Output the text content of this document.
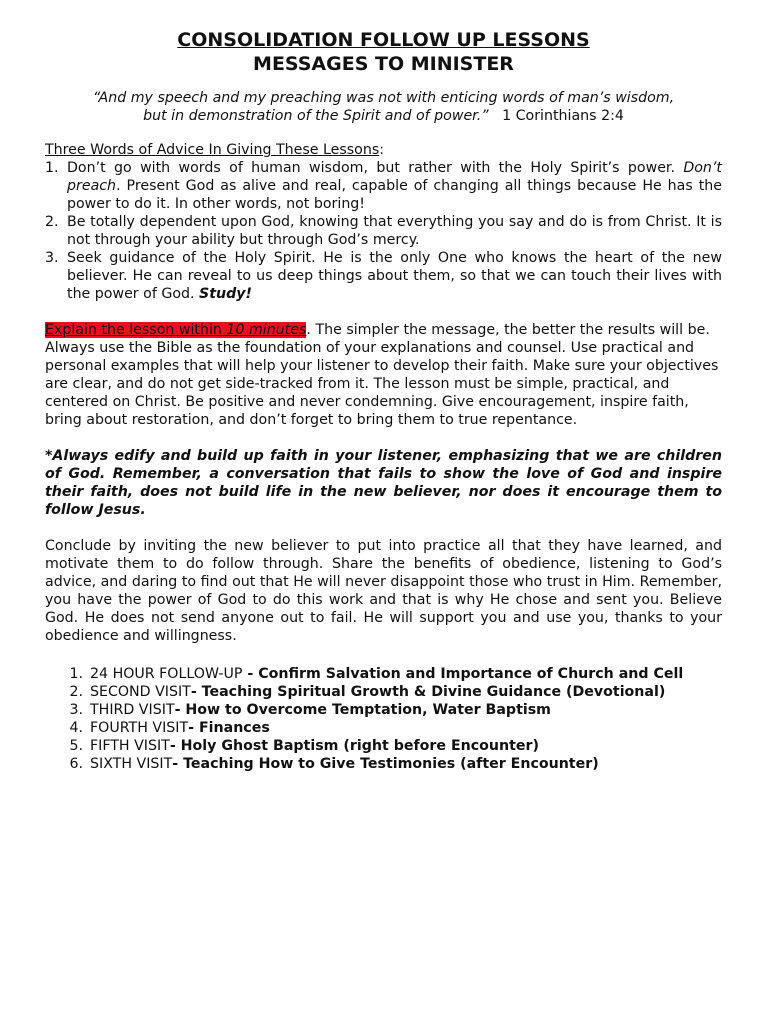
CONSOLIDATION FOLLOW UP LESSONS
MESSAGES TO MINISTER
“And my speech and my preaching was not with enticing words of man’s wisdom,
but in demonstration of the Spirit and of power.” 1 Corinthians 2:4
Three Words of Advice In Giving These Lessons:
1. Don’t go with words of human wisdom, but rather with the Holy Spirit’s power. Don’t preach. Present God as alive and real, capable of changing all things because He has the power to do it. In other words, not boring!
2. Be totally dependent upon God, knowing that everything you say and do is from Christ. It is not through your ability but through God’s mercy.
3. Seek guidance of the Holy Spirit. He is the only One who knows the heart of the new believer. He can reveal to us deep things about them, so that we can touch their lives with the power of God. Study!
Explain the lesson within 10 minutes. The simpler the message, the better the results will be. Always use the Bible as the foundation of your explanations and counsel. Use practical and personal examples that will help your listener to develop their faith. Make sure your objectives are clear, and do not get side-tracked from it. The lesson must be simple, practical, and centered on Christ. Be positive and never condemning. Give encouragement, inspire faith, bring about restoration, and don’t forget to bring them to true repentance.
*Always edify and build up faith in your listener, emphasizing that we are children of God. Remember, a conversation that fails to show the love of God and inspire their faith, does not build life in the new believer, nor does it encourage them to follow Jesus.
Conclude by inviting the new believer to put into practice all that they have learned, and motivate them to do follow through. Share the benefits of obedience, listening to God’s advice, and daring to find out that He will never disappoint those who trust in Him. Remember, you have the power of God to do this work and that is why He chose and sent you. Believe God. He does not send anyone out to fail. He will support you and use you, thanks to your obedience and willingness.
1. 24 HOUR FOLLOW-UP - Confirm Salvation and Importance of Church and Cell
2. SECOND VISIT- Teaching Spiritual Growth & Divine Guidance (Devotional)
3. THIRD VISIT- How to Overcome Temptation, Water Baptism
4. FOURTH VISIT- Finances
5. FIFTH VISIT- Holy Ghost Baptism (right before Encounter)
6. SIXTH VISIT- Teaching How to Give Testimonies (after Encounter)
